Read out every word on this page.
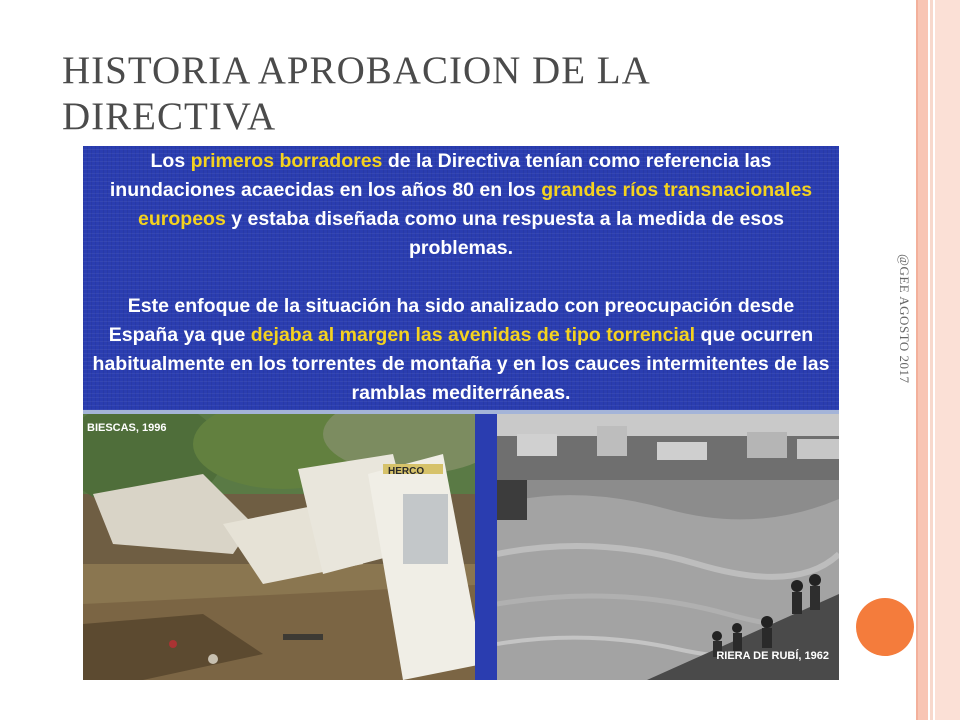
HISTORIA APROBACION DE LA DIRECTIVA
Los primeros borradores de la Directiva tenían como referencia las inundaciones acaecidas en los años 80 en los grandes ríos transnacionales europeos y estaba diseñada como una respuesta a la medida de esos problemas.
Este enfoque de la situación ha sido analizado con preocupación desde España ya que dejaba al margen las avenidas de tipo torrencial que ocurren habitualmente en los torrentes de montaña y en los cauces intermitentes de las ramblas mediterráneas.
HERCO
BIESCAS, 1996
RIERA DE RUBÍ, 1962
@GEE AGOSTO 2017
